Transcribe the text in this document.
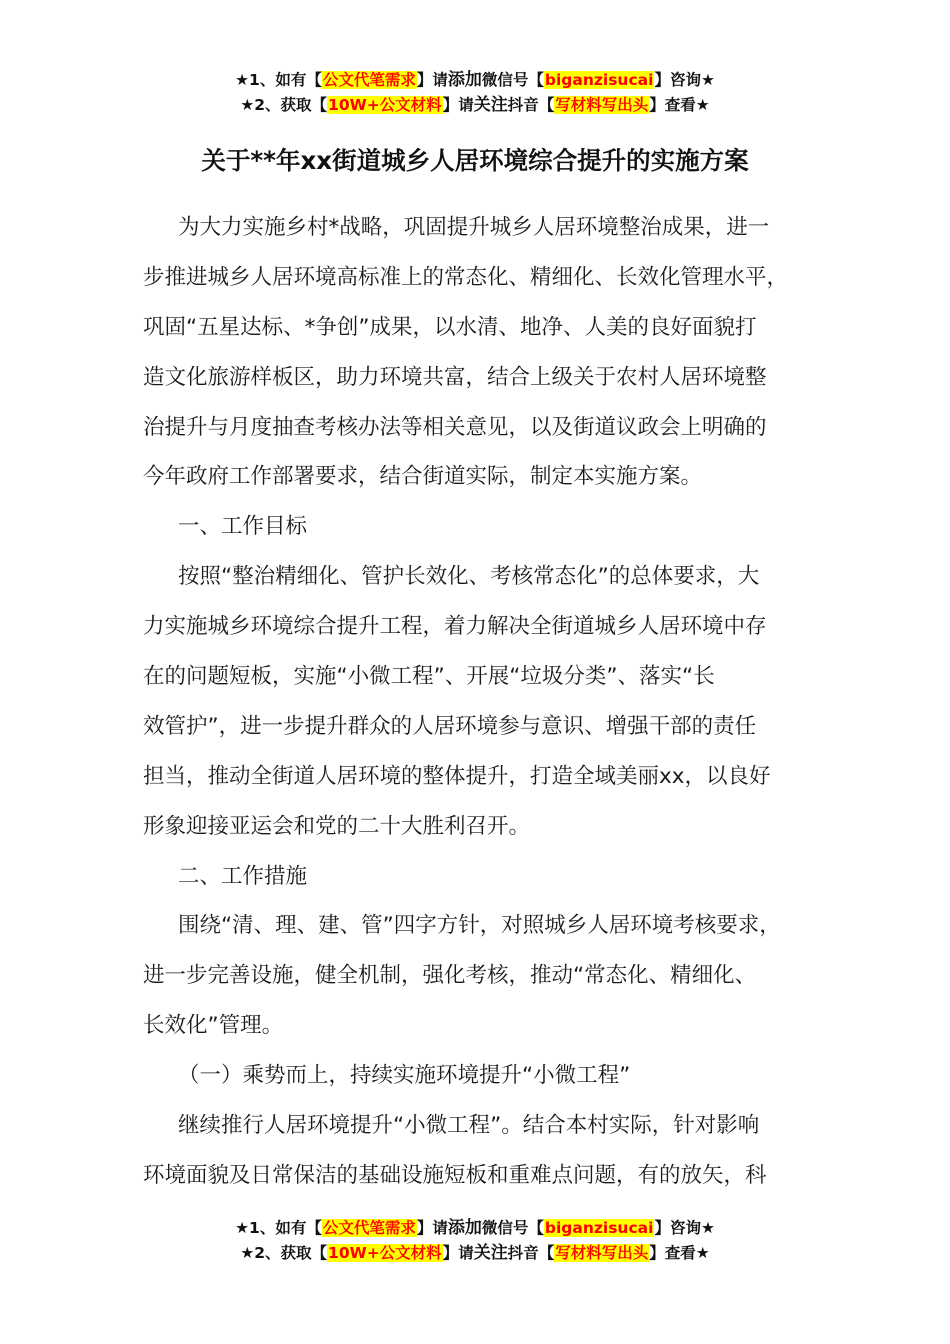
★1、如有【公文代笔需求】请添加微信号【biganzisucai】咨询★
★2、获取【10W+公文材料】请关注抖音【写材料写出头】查看★
关于**年xx街道城乡人居环境综合提升的实施方案
为大力实施乡村*战略，巩固提升城乡人居环境整治成果，进一
步推进城乡人居环境高标准上的常态化、精细化、长效化管理水平，
巩固“五星达标、*争创”成果，以水清、地净、人美的良好面貌打
造文化旅游样板区，助力环境共富，结合上级关于农村人居环境整
治提升与月度抽查考核办法等相关意见，以及街道议政会上明确的
今年政府工作部署要求，结合街道实际，制定本实施方案。
一、工作目标
按照“整治精细化、管护长效化、考核常态化”的总体要求，大
力实施城乡环境综合提升工程，着力解决全街道城乡人居环境中存
在的问题短板，实施“小微工程”、开展“垃圾分类”、落实“长
效管护”，进一步提升群众的人居环境参与意识、增强干部的责任
担当，推动全街道人居环境的整体提升，打造全域美丽xx，以良好
形象迎接亚运会和党的二十大胜利召开。
二、工作措施
围绕“清、理、建、管”四字方针，对照城乡人居环境考核要求，
进一步完善设施，健全机制，强化考核，推动“常态化、精细化、
长效化”管理。
（一）乘势而上，持续实施环境提升“小微工程”
继续推行人居环境提升“小微工程”。结合本村实际，针对影响
环境面貌及日常保洁的基础设施短板和重难点问题，有的放矢，科
★1、如有【公文代笔需求】请添加微信号【biganzisucai】咨询★
★2、获取【10W+公文材料】请关注抖音【写材料写出头】查看★
